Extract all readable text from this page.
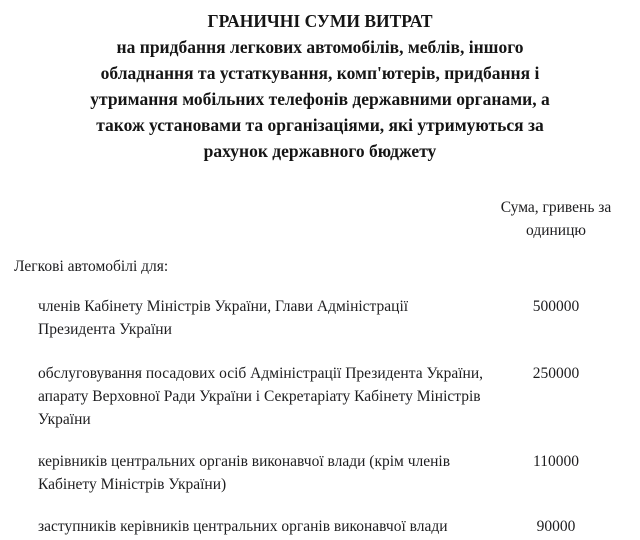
ГРАНИЧНІ СУМИ ВИТРАТ
на придбання легкових автомобілів, меблів, іншого
обладнання та устаткування, комп'ютерів, придбання і
утримання мобільних телефонів державними органами, а
також установами та організаціями, які утримуються за
рахунок державного бюджету
Сума, гривень за одиницю
Легкові автомобілі для:
членів Кабінету Міністрів України, Глави Адміністрації Президента України
500000
обслуговування посадових осіб Адміністрації Президента України, апарату Верховної Ради України і Секретаріату Кабінету Міністрів України
250000
керівників центральних органів виконавчої влади (крім членів Кабінету Міністрів України)
110000
заступників керівників центральних органів виконавчої влади	90000
